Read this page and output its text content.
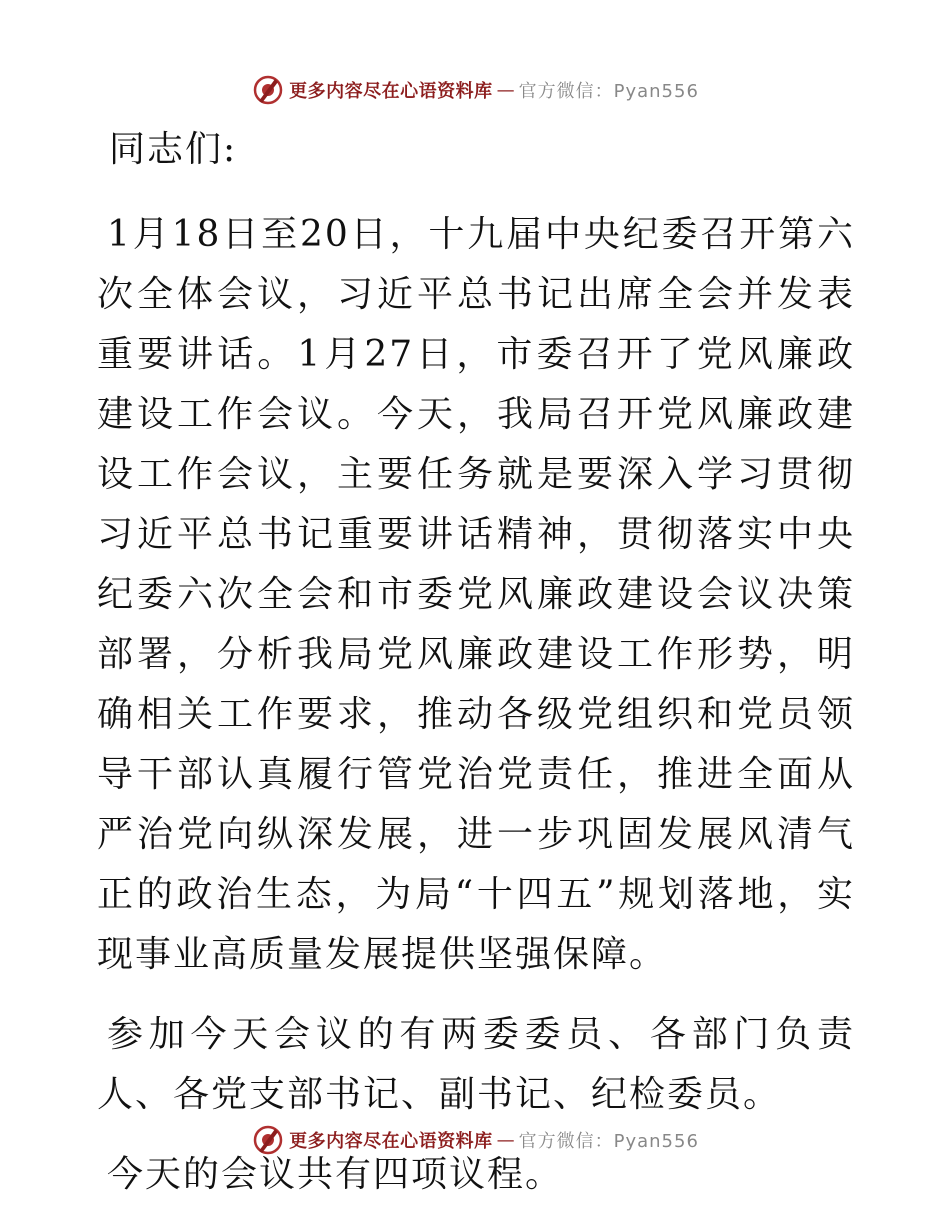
更多内容尽在心语资料库 — 官方微信：Pyan556

同志们:

1月18日至20日，十九届中央纪委召开第六次全体会议，习近平总书记出席全会并发表重要讲话。1月27日，市委召开了党风廉政建设工作会议。今天，我局召开党风廉政建设工作会议，主要任务就是要深入学习贯彻习近平总书记重要讲话精神，贯彻落实中央纪委六次全会和市委党风廉政建设会议决策部署，分析我局党风廉政建设工作形势，明确相关工作要求，推动各级党组织和党员领导干部认真履行管党治党责任，推进全面从严治党向纵深发展，进一步巩固发展风清气正的政治生态，为局“十四五”规划落地，实现事业高质量发展提供坚强保障。

参加今天会议的有两委委员、各部门负责人、各党支部书记、副书记、纪检委员。

今天的会议共有四项议程。

更多内容尽在心语资料库 — 官方微信：Pyan556
